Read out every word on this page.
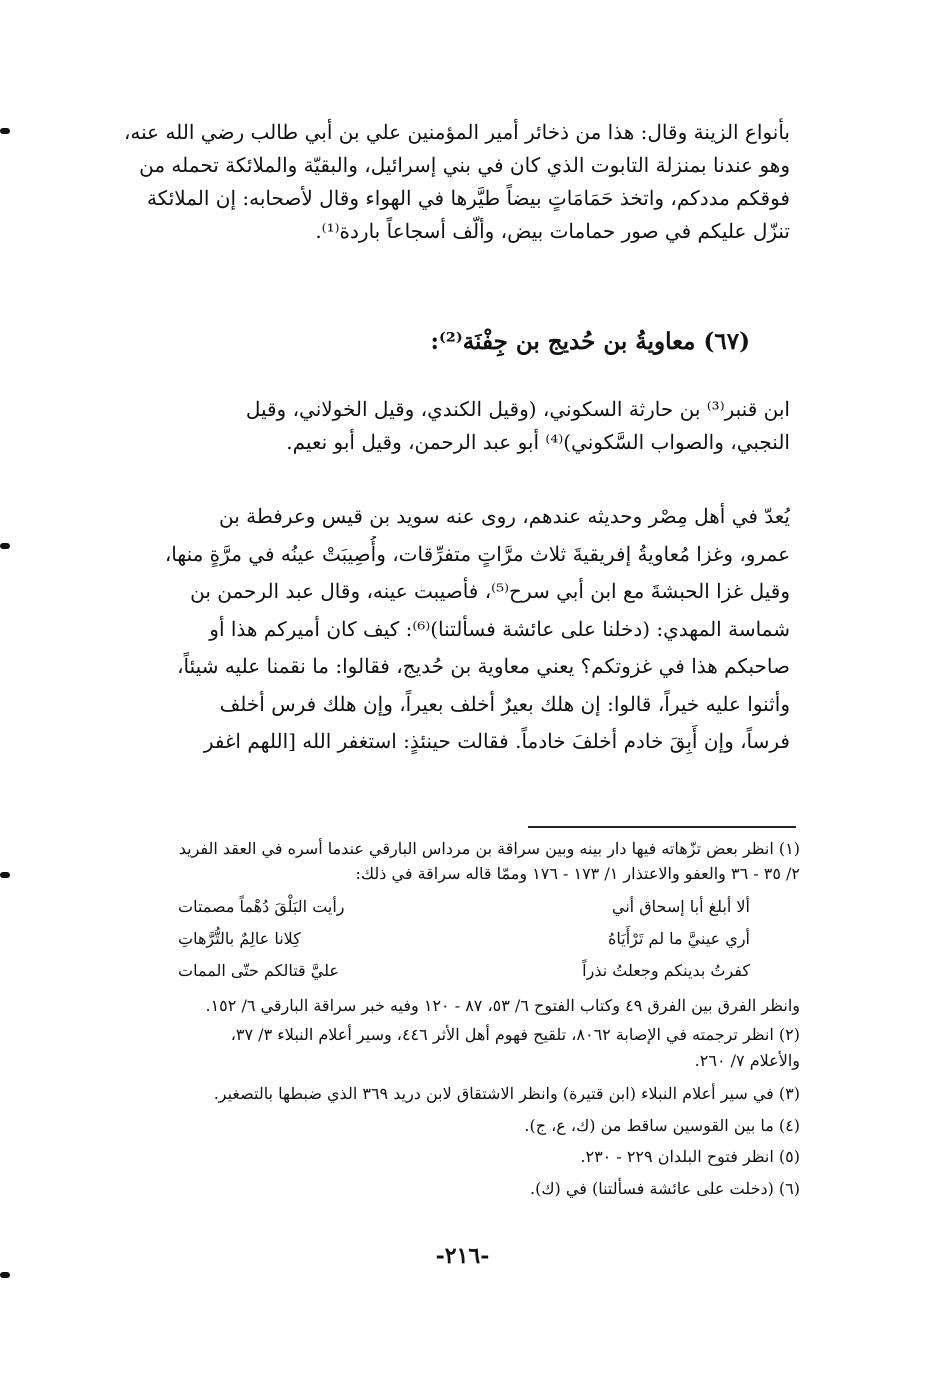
بأنواع الزينة وقال: هذا من ذخائر أمير المؤمنين علي بن أبي طالب رضي الله عنه،
وهو عندنا بمنزلة التابوت الذي كان في بني إسرائيل، والبقيّة والملائكة تحمله من
فوقكم مددكم، واتخذ حَمَامَاتٍ بيضاً طيَّرها في الهواء وقال لأصحابه: إن الملائكة
تنزّل عليكم في صور حمامات بيض، وألّف أسجاعاً باردة⁽¹⁾.
(٦٧) معاويةُ بن حُديج بن جِفْنَة⁽²⁾:
ابن قنبر⁽³⁾ بن حارثة السكوني، (وقيل الكندي، وقيل الخولاني، وقيل
النجبي، والصواب السَّكوني)⁽⁴⁾ أبو عبد الرحمن، وقيل أبو نعيم.
يُعدّ في أهل مِصْر وحديثه عندهم، روى عنه سويد بن قيس وعرفطة بن
عمرو، وغزا مُعاويةُ إفريقيةَ ثلاث مرَّاتٍ متفرِّقات، وأُصِيبَتْ عينُه في مرَّةٍ منها،
وقيل غزا الحبشةَ مع ابن أبي سرح⁽⁵⁾، فأصيبت عينه، وقال عبد الرحمن بن
شماسة المهدي: (دخلنا على عائشة فسألتنا)⁽⁶⁾: كيف كان أميركم هذا أو
صاحبكم هذا في غزوتكم؟ يعني معاوية بن حُديج، فقالوا: ما نقمنا عليه شيئاً،
وأثنوا عليه خيراً، قالوا: إن هلك بعيرٌ أخلف بعيراً، وإن هلك فرس أخلف
فرساً، وإن أَبِقَ خادم أخلفَ خادماً. فقالت حينئذٍ: استغفر الله [اللهم اغفر
(١) انظر بعض تزّهاته فيها دار بينه وبين سراقة بن مرداس البارقي عندما أسره في العقد الفريد
٢/ ٣٥ - ٣٦ والعفو والاعتذار ١/ ١٧٣ - ١٧٦ وممّا قاله سراقة في ذلك:
ألا أبلغ أبا إسحاق أني
رأيت البَلْقَ دُهْماً مصمتات
أري عينيَّ ما لم تَرْأَيَاهُ
كِلانا عالِمٌ بالتُّرَّهاتِ
كفرتُ بدينكم وجعلتُ نذراً
عليَّ قتالكم حتّى الممات
وانظر الفرق بين الفرق ٤٩ وكتاب الفتوح ٦/ ٥٣، ٨٧ - ١٢٠ وفيه خبر سراقة البارقي ٦/ ١٥٢.
(٢) انظر ترجمته في الإصابة ٨٠٦٢، تلقيح فهوم أهل الأثر ٤٤٦، وسير أعلام النبلاء ٣/ ٣٧،
والأعلام ٧/ ٢٦٠.
(٣) في سير أعلام النبلاء (ابن قتيرة) وانظر الاشتقاق لابن دريد ٣٦٩ الذي ضبطها بالتصغير.
(٤) ما بين القوسين ساقط من (ك، ع، ج).
(٥) انظر فتوح البلدان ٢٢٩ - ٢٣٠.
(٦) (دخلت على عائشة فسألتنا) في (ك).
-٢١٦-
